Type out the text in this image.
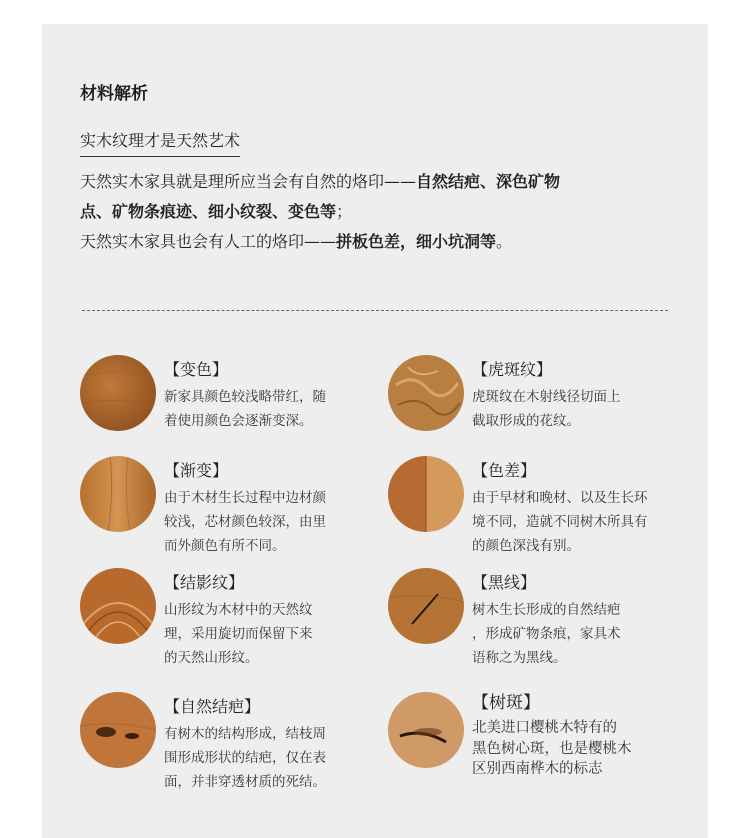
材料解析
实木纹理才是天然艺术
天然实木家具就是理所应当会有自然的烙印——自然结疤、深色矿物
点、矿物条痕迹、细小纹裂、变色等；
天然实木家具也会有人工的烙印——拼板色差，细小坑洞等。
【变色】
新家具颜色较浅略带红，随
着使用颜色会逐渐变深。
【虎斑纹】
虎斑纹在木射线径切面上
截取形成的花纹。
【渐变】
由于木材生长过程中边材颜
较浅，芯材颜色较深，由里
而外颜色有所不同。
【色差】
由于早材和晚材、以及生长环
境不同，造就不同树木所具有
的颜色深浅有别。
【结影纹】
山形纹为木材中的天然纹
理，采用旋切而保留下来
的天然山形纹。
【黑线】
树木生长形成的自然结疤
，形成矿物条痕，家具术
语称之为黑线。
【自然结疤】
有树木的结构形成，结枝周
围形成形状的结疤，仅在表
面，并非穿透材质的死结。
【树斑】
北美进口樱桃木特有的
黑色树心斑，也是樱桃木
区别西南桦木的标志
